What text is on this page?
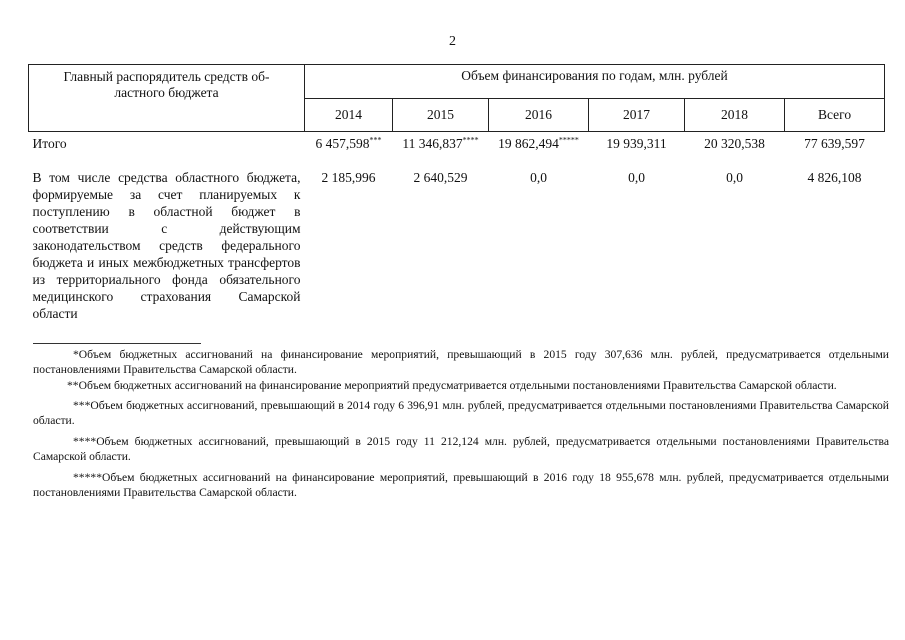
2
Главный распорядитель средств об-
ластного бюджета	Объем финансирования по годам, млн. рублей					
	2014	2015	2016	2017	2018	Всего
Итого	6 457,598***	11 346,837****	19 862,494*****	19 939,311	20 320,538	77 639,597
В том числе средства областного бюджета, формируемые за счет планируемых к поступлению в областной бюджет в соответствии с действующим законодательством средств федерального бюджета и иных межбюджетных трансфертов из территориального фонда обязательного медицинского страхования Самарской области	2 185,996	2 640,529	0,0	0,0	0,0	4 826,108

*Объем бюджетных ассигнований на финансирование мероприятий, превышающий в 2015 году 307,636 млн. рублей, предусматривается отдельными постановлениями Правительства Самарской области.

**Объем бюджетных ассигнований на финансирование мероприятий предусматривается отдельными постановлениями Правительства Самарской области.

***Объем бюджетных ассигнований, превышающий в 2014 году 6 396,91 млн. рублей, предусматривается отдельными постановлениями Правительства Самарской области.

****Объем бюджетных ассигнований, превышающий в 2015 году 11 212,124 млн. рублей, предусматривается отдельными постановлениями Правительства Самарской области.

*****Объем бюджетных ассигнований на финансирование мероприятий, превышающий в 2016 году 18 955,678 млн. рублей, предусматривается отдельными постановлениями Правительства Самарской области.
